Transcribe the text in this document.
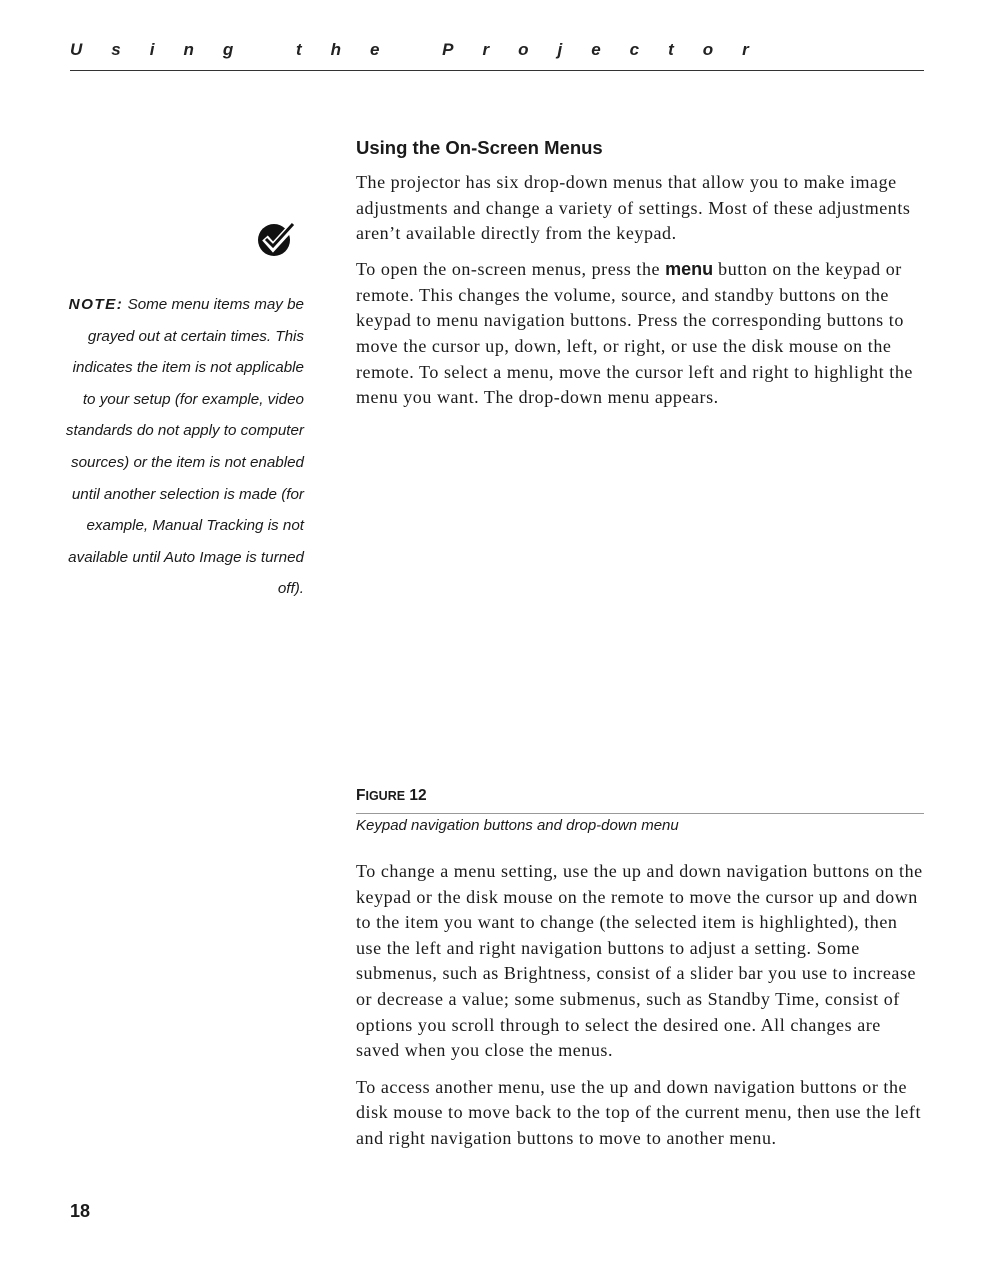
Using the Projector
Using the On-Screen Menus

The projector has six drop-down menus that allow you to make image adjustments and change a variety of settings. Most of these adjustments aren’t available directly from the keypad.

To open the on-screen menus, press the menu button on the keypad or remote. This changes the volume, source, and standby buttons on the keypad to menu navigation buttons. Press the corresponding buttons to move the cursor up, down, left, or right, or use the disk mouse on the remote. To select a menu, move the cursor left and right to highlight the menu you want. The drop-down menu appears.

NOTE: Some menu items may be grayed out at certain times. This indicates the item is not applicable to your setup (for example, video standards do not apply to computer sources) or the item is not enabled until another selection is made (for example, Manual Tracking is not available until Auto Image is turned off).
FIGURE 12
Keypad navigation buttons and drop-down menu

To change a menu setting, use the up and down navigation buttons on the keypad or the disk mouse on the remote to move the cursor up and down to the item you want to change (the selected item is highlighted), then use the left and right navigation buttons to adjust a setting. Some submenus, such as Brightness, consist of a slider bar you use to increase or decrease a value; some submenus, such as Standby Time, consist of options you scroll through to select the desired one. All changes are saved when you close the menus.

To access another menu, use the up and down navigation buttons or the disk mouse to move back to the top of the current menu, then use the left and right navigation buttons to move to another menu.

18
